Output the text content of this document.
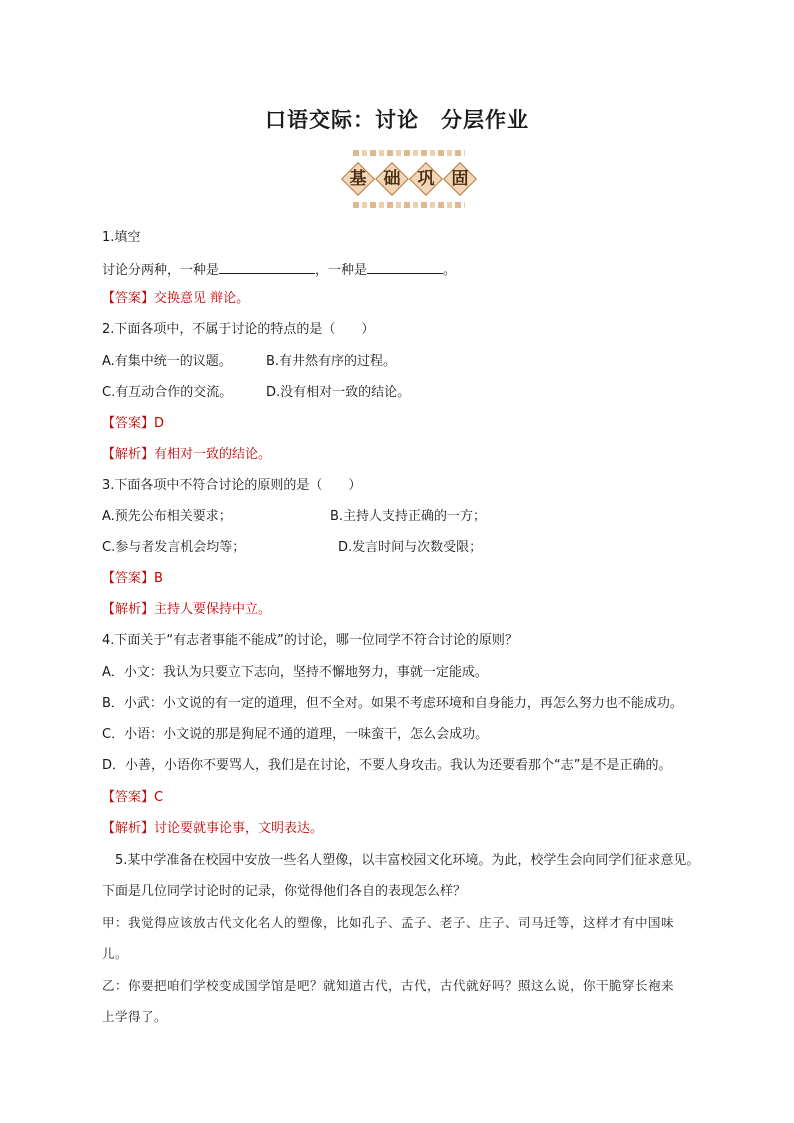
口语交际：讨论　分层作业
基	础	巩	固
1.填空
讨论分两种，一种是	，一种是	。
【答案】交换意见 辩论。
2.下面各项中，不属于讨论的特点的是（　　）
A.有集中统一的议题。	B.有井然有序的过程。
C.有互动合作的交流。	D.没有相对一致的结论。
【答案】D
【解析】有相对一致的结论。
3.下面各项中不符合讨论的原则的是（　　）
A.预先公布相关要求；	B.主持人支持正确的一方；
C.参与者发言机会均等；	D.发言时间与次数受限；
【答案】B
【解析】主持人要保持中立。
4.下面关于“有志者事能不能成”的讨论，哪一位同学不符合讨论的原则？
A．小文：我认为只要立下志向，坚持不懈地努力，事就一定能成。
B．小武：小文说的有一定的道理，但不全对。如果不考虑环境和自身能力，再怎么努力也不能成功。
C．小语：小文说的那是狗屁不通的道理，一味蛮干，怎么会成功。
D．小善，小语你不要骂人，我们是在讨论，不要人身攻击。我认为还要看那个“志”是不是正确的。
【答案】C
【解析】讨论要就事论事，文明表达。
5.某中学准备在校园中安放一些名人塑像，以丰富校园文化环境。为此，校学生会向同学们征求意见。
下面是几位同学讨论时的记录，你觉得他们各自的表现怎么样？
甲：我觉得应该放古代文化名人的塑像，比如孔子、孟子、老子、庄子、司马迁等，这样才有中国味
儿。
乙：你要把咱们学校变成国学馆是吧？就知道古代，古代，古代就好吗？照这么说，你干脆穿长袍来
上学得了。
